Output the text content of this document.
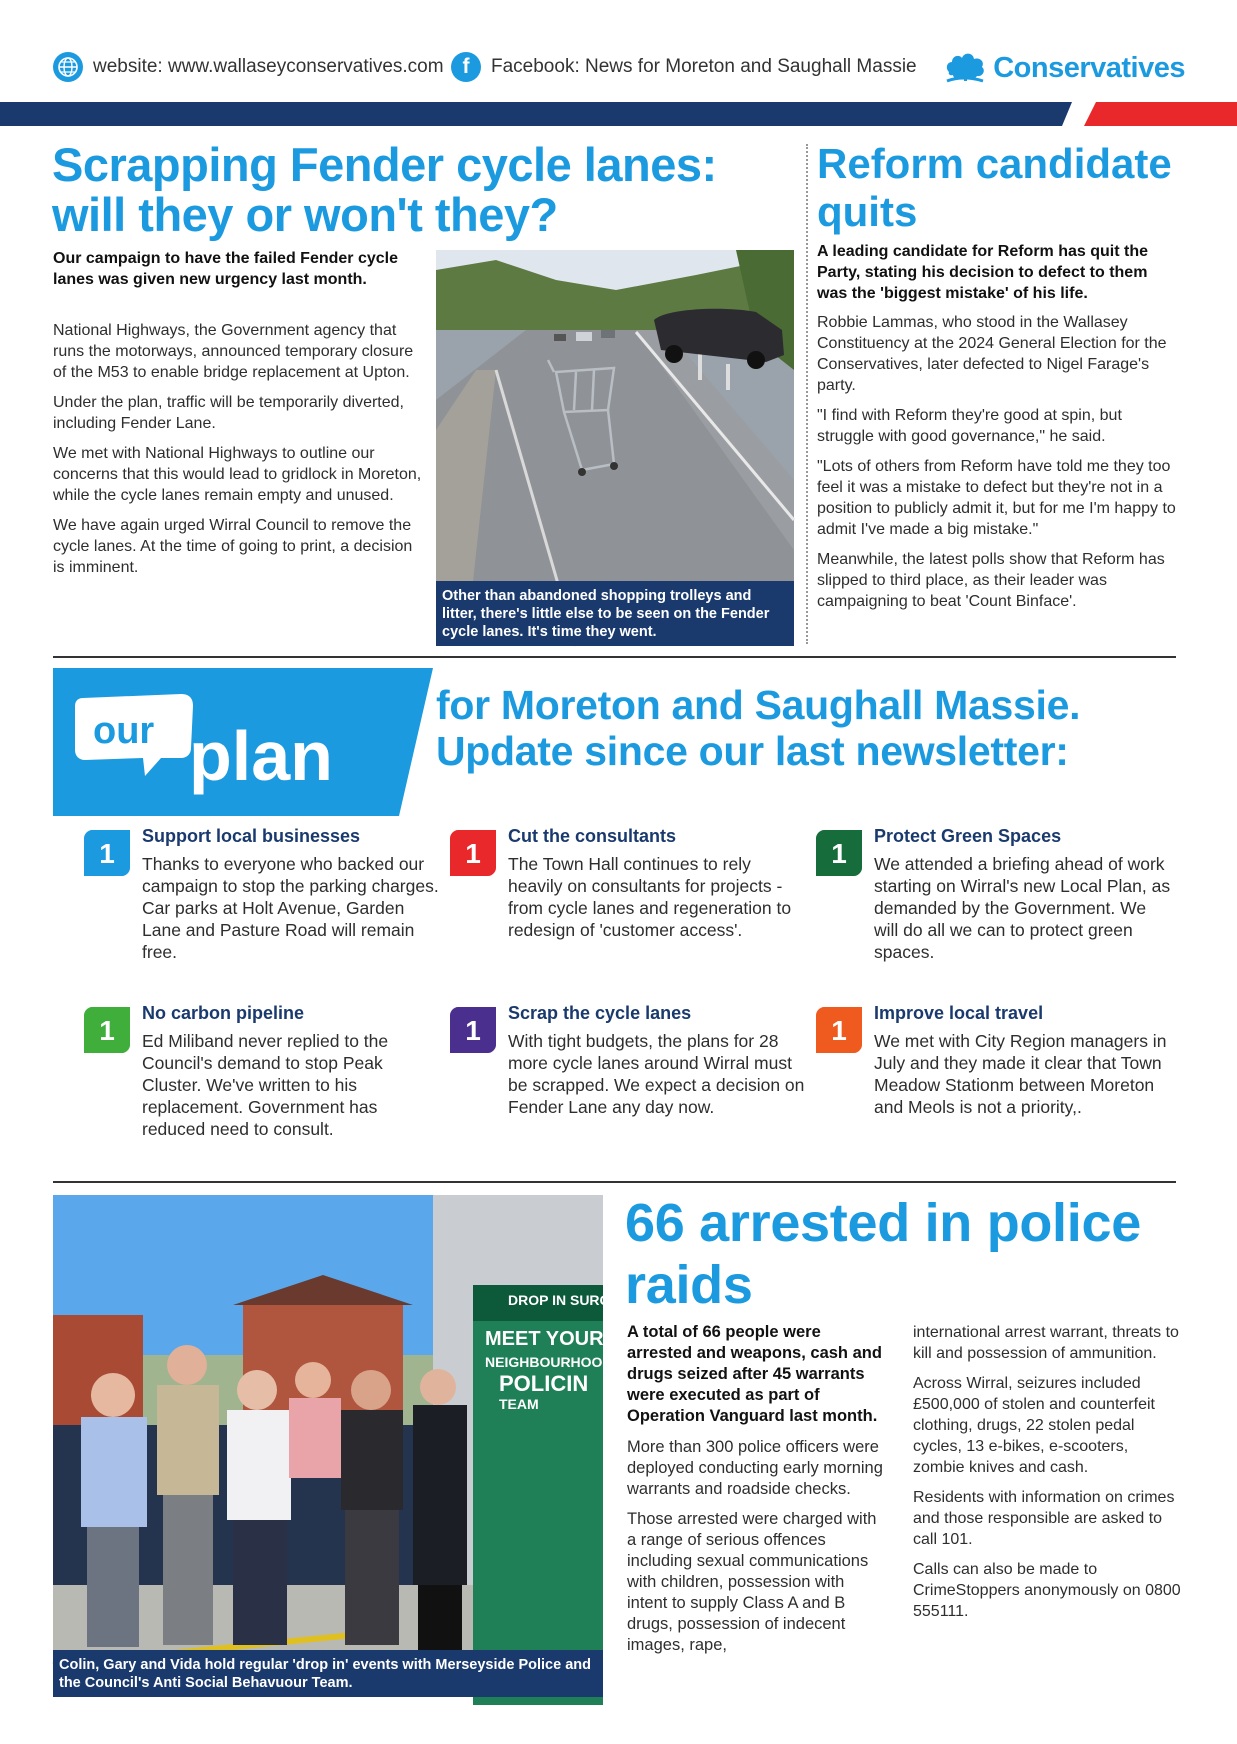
website: www.wallaseyconservatives.com f	Facebook: News for Moreton and Saughall Massie	Conservatives
Scrapping Fender cycle lanes: will they or won't they?

Our campaign to have the failed Fender cycle lanes was given new urgency last month.

National Highways, the Government agency that runs the motorways, announced temporary closure of the M53 to enable bridge replacement at Upton.

Under the plan, traffic will be temporarily diverted, including Fender Lane.

We met with National Highways to outline our concerns that this would lead to gridlock in Moreton, while the cycle lanes remain empty and unused.

We have again urged Wirral Council to remove the cycle lanes. At the time of going to print, a decision is imminent.

Other than abandoned shopping trolleys and litter, there's little else to be seen on the Fender cycle lanes. It's time they went.
Reform candidate quits

A leading candidate for Reform has quit the Party, stating his decision to defect to them was the 'biggest mistake' of his life.

Robbie Lammas, who stood in the Wallasey Constituency at the 2024 General Election for the Conservatives, later defected to Nigel Farage's party.

"I find with Reform they're good at spin, but struggle with good governance," he said.

"Lots of others from Reform have told me they too feel it was a mistake to defect but they're not in a position to publicly admit it, but for me I'm happy to admit I've made a big mistake."

Meanwhile, the latest polls show that Reform has slipped to third place, as their leader was campaigning to beat 'Count Binface'.

our plan
for Moreton and Saughall Massie. Update since our last newsletter:
1
Support local businesses

Thanks to everyone who backed our campaign to stop the parking charges. Car parks at Holt Avenue, Garden Lane and Pasture Road will remain free.

1
Cut the consultants

The Town Hall continues to rely heavily on consultants for projects - from cycle lanes and regeneration to redesign of 'customer access'.

1
Protect Green Spaces

We attended a briefing ahead of work starting on Wirral's new Local Plan, as demanded by the Government. We will do all we can to protect green spaces.

1
No carbon pipeline

Ed Miliband never replied to the Council's demand to stop Peak Cluster. We've written to his replacement. Government has reduced need to consult.

1
Scrap the cycle lanes

With tight budgets, the plans for 28 more cycle lanes around Wirral must be scrapped. We expect a decision on Fender Lane any day now.

1
Improve local travel

We met with City Region managers in July and they made it clear that Town Meadow Stationm between Moreton and Meols is not a priority,.

DROP IN SURGE
MEET YOUR
NEIGHBOURHOO
POLICIN
TEAM
Colin, Gary and Vida hold regular 'drop in' events with Merseyside Police and the Council's Anti Social Behavuour Team.
66 arrested in police raids

A total of 66 people were arrested and weapons, cash and drugs seized after 45 warrants were executed as part of Operation Vanguard last month.

More than 300 police officers were deployed conducting early morning warrants and roadside checks.

Those arrested were charged with a range of serious offences including sexual communications with children, possession with intent to supply Class A and B drugs, possession of indecent images, rape,

international arrest warrant, threats to kill and possession of ammunition.

Across Wirral, seizures included £500,000 of stolen and counterfeit clothing, drugs, 22 stolen pedal cycles, 13 e-bikes, e-scooters, zombie knives and cash.

Residents with information on crimes and those responsible are asked to call 101.

Calls can also be made to CrimeStoppers anonymously on 0800 555111.
